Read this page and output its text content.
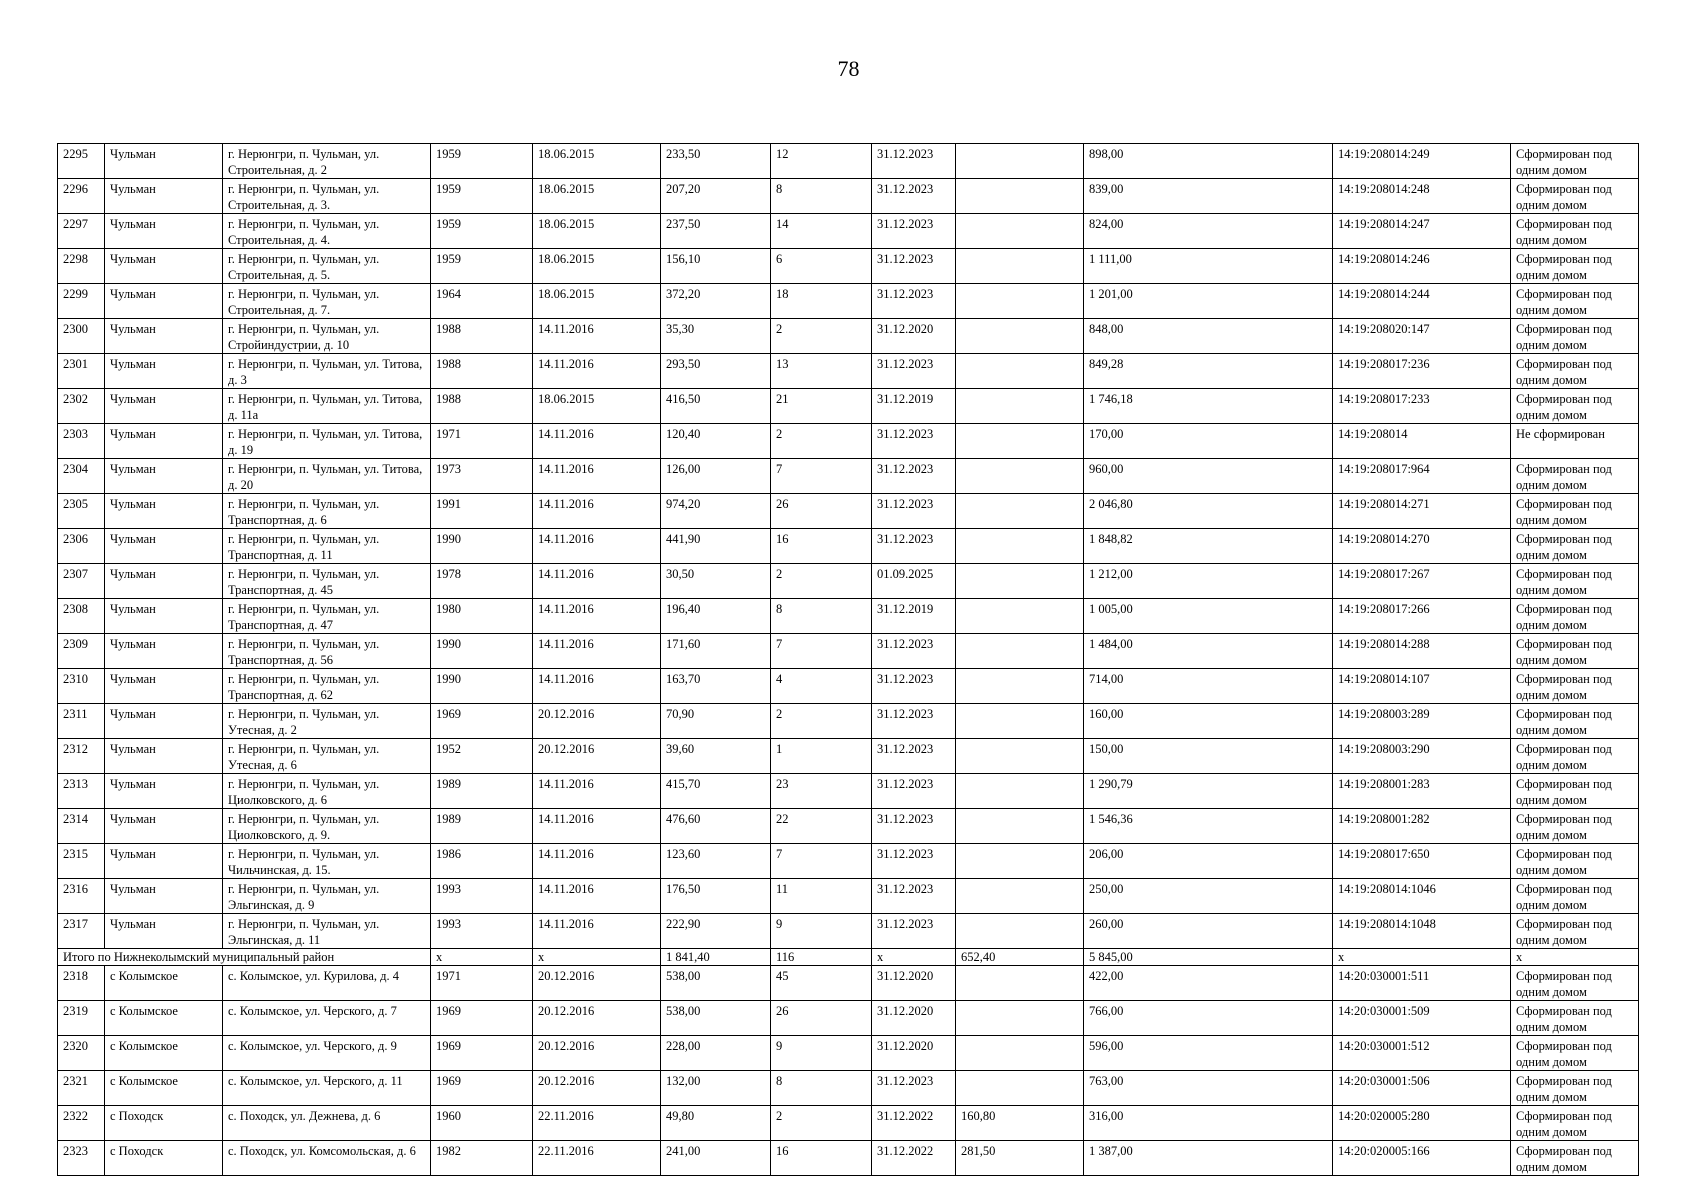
78
2295	Чульман	г. Нерюнгри, п. Чульман, ул. Строительная, д. 2	1959	18.06.2015	233,50	12	31.12.2023		898,00	14:19:208014:249	Сформирован под одним домом
2296	Чульман	г. Нерюнгри, п. Чульман, ул. Строительная, д. 3.	1959	18.06.2015	207,20	8	31.12.2023		839,00	14:19:208014:248	Сформирован под одним домом
2297	Чульман	г. Нерюнгри, п. Чульман, ул. Строительная, д. 4.	1959	18.06.2015	237,50	14	31.12.2023		824,00	14:19:208014:247	Сформирован под одним домом
2298	Чульман	г. Нерюнгри, п. Чульман, ул. Строительная, д. 5.	1959	18.06.2015	156,10	6	31.12.2023		1 111,00	14:19:208014:246	Сформирован под одним домом
2299	Чульман	г. Нерюнгри, п. Чульман, ул. Строительная, д. 7.	1964	18.06.2015	372,20	18	31.12.2023		1 201,00	14:19:208014:244	Сформирован под одним домом
2300	Чульман	г. Нерюнгри, п. Чульман, ул. Стройиндустрии, д. 10	1988	14.11.2016	35,30	2	31.12.2020		848,00	14:19:208020:147	Сформирован под одним домом
2301	Чульман	г. Нерюнгри, п. Чульман, ул. Титова, д. 3	1988	14.11.2016	293,50	13	31.12.2023		849,28	14:19:208017:236	Сформирован под одним домом
2302	Чульман	г. Нерюнгри, п. Чульман, ул. Титова, д. 11а	1988	18.06.2015	416,50	21	31.12.2019		1 746,18	14:19:208017:233	Сформирован под одним домом
2303	Чульман	г. Нерюнгри, п. Чульман, ул. Титова, д. 19	1971	14.11.2016	120,40	2	31.12.2023		170,00	14:19:208014	Не сформирован
2304	Чульман	г. Нерюнгри, п. Чульман, ул. Титова, д. 20	1973	14.11.2016	126,00	7	31.12.2023		960,00	14:19:208017:964	Сформирован под одним домом
2305	Чульман	г. Нерюнгри, п. Чульман, ул. Транспортная, д. 6	1991	14.11.2016	974,20	26	31.12.2023		2 046,80	14:19:208014:271	Сформирован под одним домом
2306	Чульман	г. Нерюнгри, п. Чульман, ул. Транспортная, д. 11	1990	14.11.2016	441,90	16	31.12.2023		1 848,82	14:19:208014:270	Сформирован под одним домом
2307	Чульман	г. Нерюнгри, п. Чульман, ул. Транспортная, д. 45	1978	14.11.2016	30,50	2	01.09.2025		1 212,00	14:19:208017:267	Сформирован под одним домом
2308	Чульман	г. Нерюнгри, п. Чульман, ул. Транспортная, д. 47	1980	14.11.2016	196,40	8	31.12.2019		1 005,00	14:19:208017:266	Сформирован под одним домом
2309	Чульман	г. Нерюнгри, п. Чульман, ул. Транспортная, д. 56	1990	14.11.2016	171,60	7	31.12.2023		1 484,00	14:19:208014:288	Сформирован под одним домом
2310	Чульман	г. Нерюнгри, п. Чульман, ул. Транспортная, д. 62	1990	14.11.2016	163,70	4	31.12.2023		714,00	14:19:208014:107	Сформирован под одним домом
2311	Чульман	г. Нерюнгри, п. Чульман, ул. Утесная, д. 2	1969	20.12.2016	70,90	2	31.12.2023		160,00	14:19:208003:289	Сформирован под одним домом
2312	Чульман	г. Нерюнгри, п. Чульман, ул. Утесная, д. 6	1952	20.12.2016	39,60	1	31.12.2023		150,00	14:19:208003:290	Сформирован под одним домом
2313	Чульман	г. Нерюнгри, п. Чульман, ул. Циолковского, д. 6	1989	14.11.2016	415,70	23	31.12.2023		1 290,79	14:19:208001:283	Сформирован под одним домом
2314	Чульман	г. Нерюнгри, п. Чульман, ул. Циолковского, д. 9.	1989	14.11.2016	476,60	22	31.12.2023		1 546,36	14:19:208001:282	Сформирован под одним домом
2315	Чульман	г. Нерюнгри, п. Чульман, ул. Чильчинская, д. 15.	1986	14.11.2016	123,60	7	31.12.2023		206,00	14:19:208017:650	Сформирован под одним домом
2316	Чульман	г. Нерюнгри, п. Чульман, ул. Эльгинская, д. 9	1993	14.11.2016	176,50	11	31.12.2023		250,00	14:19:208014:1046	Сформирован под одним домом
2317	Чульман	г. Нерюнгри, п. Чульман, ул. Эльгинская, д. 11	1993	14.11.2016	222,90	9	31.12.2023		260,00	14:19:208014:1048	Сформирован под одним домом
Итого по Нижнеколымский муниципальный район			x	x	1 841,40	116	x	652,40	5 845,00	x	x
2318	с Колымское	с. Колымское, ул. Курилова, д. 4	1971	20.12.2016	538,00	45	31.12.2020		422,00	14:20:030001:511	Сформирован под одним домом
2319	с Колымское	с. Колымское, ул. Черского, д. 7	1969	20.12.2016	538,00	26	31.12.2020		766,00	14:20:030001:509	Сформирован под одним домом
2320	с Колымское	с. Колымское, ул. Черского, д. 9	1969	20.12.2016	228,00	9	31.12.2020		596,00	14:20:030001:512	Сформирован под одним домом
2321	с Колымское	с. Колымское, ул. Черского, д. 11	1969	20.12.2016	132,00	8	31.12.2023		763,00	14:20:030001:506	Сформирован под одним домом
2322	с Походск	с. Походск, ул. Дежнева, д. 6	1960	22.11.2016	49,80	2	31.12.2022	160,80	316,00	14:20:020005:280	Сформирован под одним домом
2323	с Походск	с. Походск, ул. Комсомольская, д. 6	1982	22.11.2016	241,00	16	31.12.2022	281,50	1 387,00	14:20:020005:166	Сформирован под одним домом
